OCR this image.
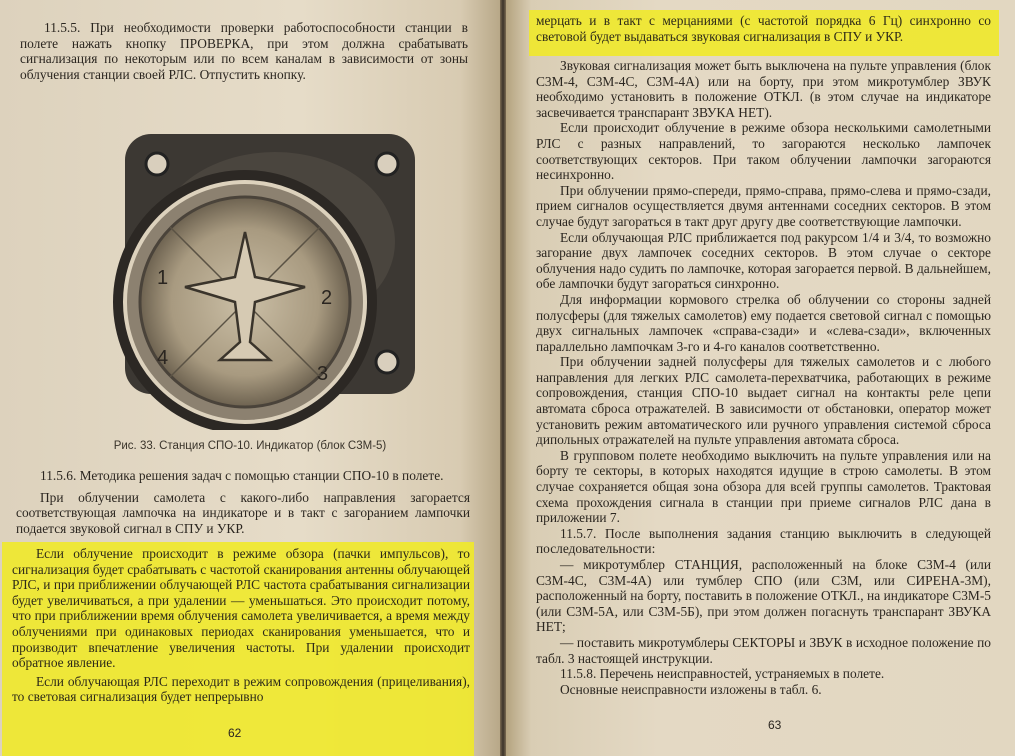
11.5.5. При необходимости проверки работоспособности станции в полете нажать кнопку ПРОВЕРКА, при этом должна срабатывать сигнализация по некоторым или по всем каналам в зависимости от зоны облучения станции своей РЛС. Отпустить кнопку.

1
2
3
4
Рис. 33. Станция СПО-10. Индикатор (блок С3М-5)

11.5.6. Методика решения задач с помощью станции СПО-10 в полете.

При облучении самолета с какого-либо направления загорается соответствующая лампочка на индикаторе и в такт с загоранием лампочки подается звуковой сигнал в СПУ и УКР.

Если облучение происходит в режиме обзора (пачки импульсов), то сигнализация будет срабатывать с частотой сканирования антенны облучающей РЛС, и при приближении облучающей РЛС частота срабатывания сигнализации будет увеличиваться, а при удалении — уменьшаться. Это происходит потому, что при приближении время облучения самолета увеличивается, а время между облучениями при одинаковых периодах сканирования уменьшается, что и производит впечатление увеличения частоты. При удалении происходит обратное явление.

Если облучающая РЛС переходит в режим сопровождения (прицеливания), то световая сигнализация будет непрерывно

62

мерцать и в такт с мерцаниями (с частотой порядка 6 Гц) синхронно со световой будет выдаваться звуковая сигнализация в СПУ и УКР.

Звуковая сигнализация может быть выключена на пульте управления (блок С3М-4, С3М-4С, С3М-4А) или на борту, при этом микротумблер ЗВУК необходимо установить в положение ОТКЛ. (в этом случае на индикаторе засвечивается транспарант ЗВУКА НЕТ).

Если происходит облучение в режиме обзора несколькими самолетными РЛС с разных направлений, то загораются несколько лампочек соответствующих секторов. При таком облучении лампочки загораются несинхронно.

При облучении прямо-спереди, прямо-справа, прямо-слева и прямо-сзади, прием сигналов осуществляется двумя антеннами соседних секторов. В этом случае будут загораться в такт друг другу две соответствующие лампочки.

Если облучающая РЛС приближается под ракурсом 1/4 и 3/4, то возможно загорание двух лампочек соседних секторов. В этом случае о секторе облучения надо судить по лампочке, которая загорается первой. В дальнейшем, обе лампочки будут загораться синхронно.

Для информации кормового стрелка об облучении со стороны задней полусферы (для тяжелых самолетов) ему подается световой сигнал с помощью двух сигнальных лампочек «справа-сзади» и «слева-сзади», включенных параллельно лампочкам 3-го и 4-го каналов соответственно.

При облучении задней полусферы для тяжелых самолетов и с любого направления для легких РЛС самолета-перехватчика, работающих в режиме сопровождения, станция СПО-10 выдает сигнал на контакты реле цепи автомата сброса отражателей. В зависимости от обстановки, оператор может установить режим автоматического или ручного управления системой сброса дипольных отражателей на пульте управления автомата сброса.

В групповом полете необходимо выключить на пульте управления или на борту те секторы, в которых находятся идущие в строю самолеты. В этом случае сохраняется общая зона обзора для всей группы самолетов. Трактовая схема прохождения сигнала в станции при приеме сигналов РЛС дана в приложении 7.

11.5.7. После выполнения задания станцию выключить в следующей последовательности:

— микротумблер СТАНЦИЯ, расположенный на блоке С3М-4 (или С3М-4С, С3М-4А) или тумблер СПО (или С3М, или СИРЕНА-3М), расположенный на борту, поставить в положение ОТКЛ., на индикаторе С3М-5 (или С3М-5А, или С3М-5Б), при этом должен погаснуть транспарант ЗВУКА НЕТ;

— поставить микротумблеры СЕКТОРЫ и ЗВУК в исходное положение по табл. 3 настоящей инструкции.

11.5.8. Перечень неисправностей, устраняемых в полете.

Основные неисправности изложены в табл. 6.

63
